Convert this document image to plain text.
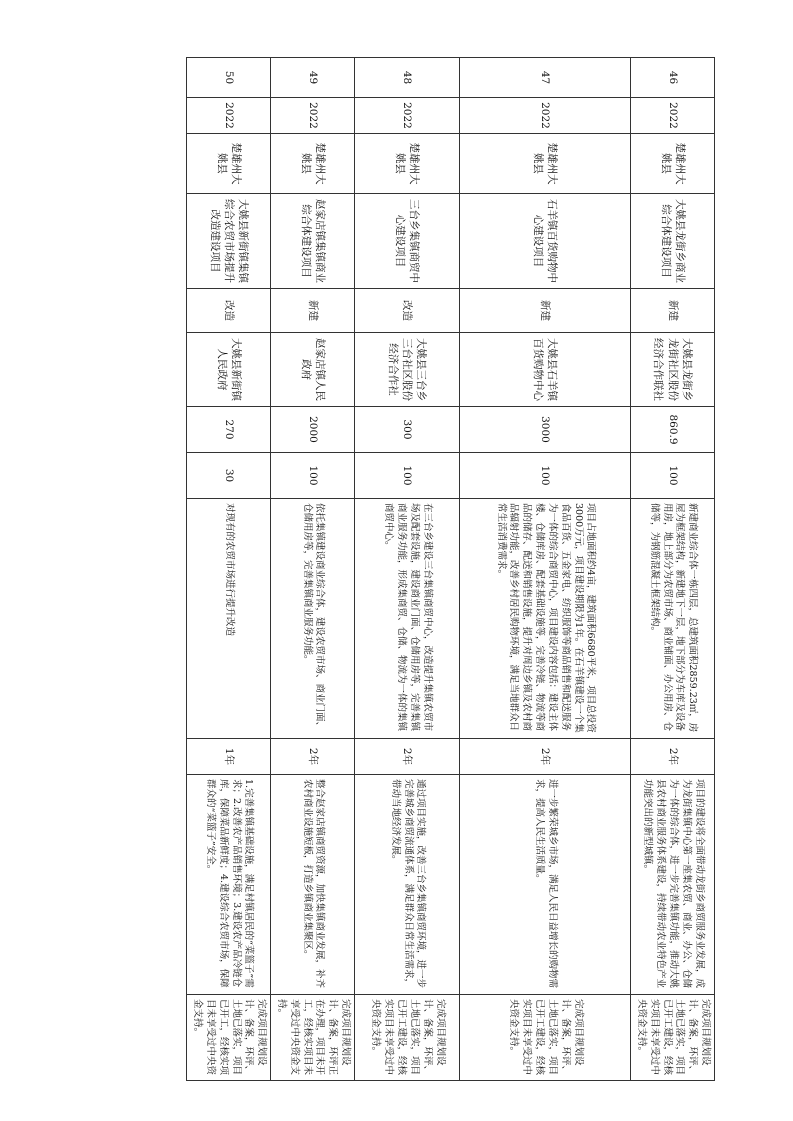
46	2022	楚雄州大姚县	大姚县龙街乡商业综合体建设项目	新建	大姚县龙街乡龙街社区股份经济合作联社	860.9	100	新建商业综合体一栋四层，总建筑面积2859.23㎡，房屋为框架结构，新建地下一层，地下部分为车库及设备用房，地上部分为农贸市场、商业铺面、办公用房、仓储等，为钢筋混凝土框架结构。	2年	项目的建设将全面带动龙街乡商贸服务业发展，成为龙街集镇中心第一座集农贸、商业、办公、仓储为一体的综合体，进一步完善集镇功能，推动大姚县农村商业服务体系建设，持续带动农业特色产业功能突出的新型城镇。	完成项目规划设计、备案，环评、土地已落实，项目已开工建设，经核实项目未享受过中央资金支持。
47	2022	楚雄州大姚县	石羊镇百货购物中心建设项目	新建	大姚县石羊镇百货购物中心	3000	100	项目占地面积约4亩，建筑面积6680平米，项目总投资3000万元，项目建设期限为1年。在石羊镇建设一个集食品百货、五金家电、纺织服饰等商品销售和配送服务为一体的综合商贸中心，项目建设内容包括：建设主体楼、仓储库房、配套基础设施等，完善冷链、物流等商品的储存、配送和销售设施，提升对周边乡镇及农村商品辐射功能，改善乡村居民购物环境，满足当地群众日常生活消费需求。	2年	进一步繁荣城乡市场，满足人民日益增长的购物需求，提高人民生活质量。	完成项目规划设计、备案，环评、土地已落实，项目已开工建设，经核实项目未享受过中央资金支持。
48	2022	楚雄州大姚县	三台乡集镇商贸中心建设项目	改造	大姚县三台乡三台社区股份经济合作社	300	100	在三台乡建设三台集镇商贸中心，改造提升集镇农贸市场及配套设施，建设商业门面、仓储用房等，完善集镇商业服务功能，形成集商贸、仓储、物流为一体的集镇商贸中心。	2年	通过项目实施，改善三台乡集镇商贸环境，进一步完善城乡商贸流通体系，满足群众日常生活需求，带动当地经济发展。	完成项目规划设计、备案，环评、土地已落实，项目已开工建设，经核实项目未享受过中央资金支持。
49	2022	楚雄州大姚县	赵家店镇集镇商业综合体建设项目	新建	赵家店镇人民政府	2000	100	依托集镇建设商业综合体，建设农贸市场、商业门面、仓储用房等，完善集镇商业服务功能。	2年	整合赵家店镇商贸资源，加快集镇商业发展，补齐农村商业设施短板，打造乡镇商业集聚区。	完成项目规划设计、备案，环评正在办理，项目未开工，经核实项目未享受过中央资金支持。
50	2022	楚雄州大姚县	大姚县新街镇集镇综合农贸市场提升改造建设项目	改造	大姚县新街镇人民政府	270	30	对现有的农贸市场进行提升改造	1年	1.完善集镇基础设施，满足村镇居民的“菜篮子”需求；2.改善农产品销售环境；3.建设农产品冷链仓库，保障菜品新鲜度；4.建设综合农贸市场，保障群众的“菜篮子”安全。	完成项目规划设计、备案，环评、土地已落实，项目已开工，经核实项目未享受过中央资金支持。
